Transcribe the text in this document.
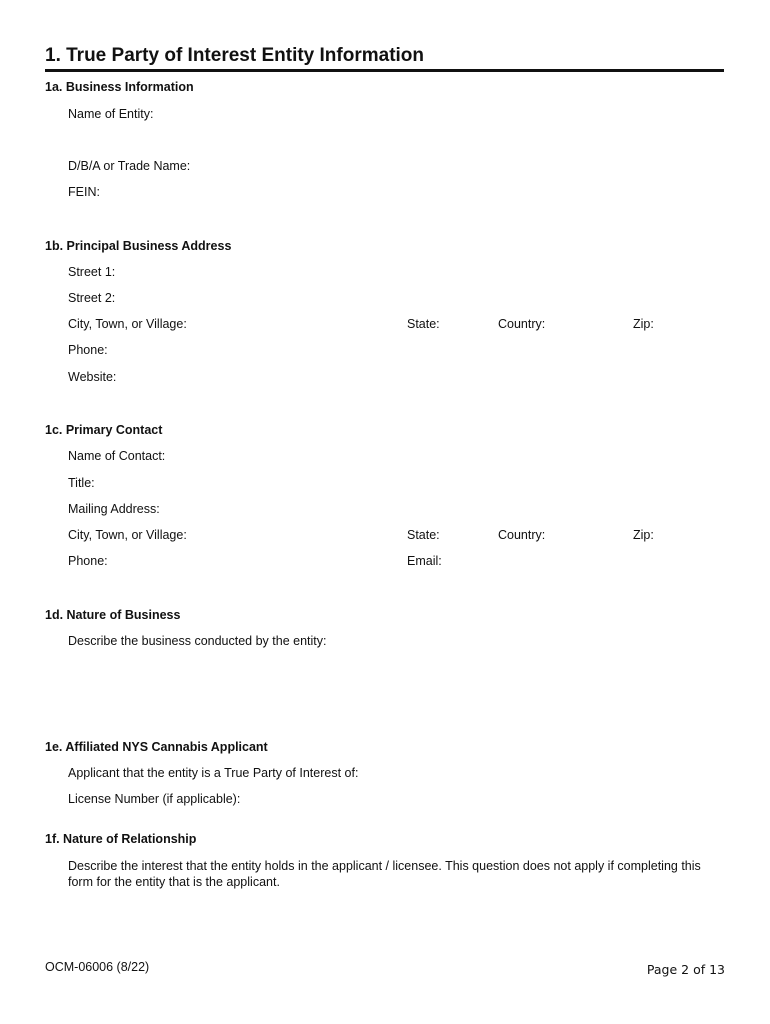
1. True Party of Interest Entity Information
1a. Business Information
Name of Entity:
D/B/A or Trade Name:
FEIN:
1b. Principal Business Address
Street 1:
Street 2:
City, Town, or Village:	State:	Country:	Zip:
Phone:
Website:
1c. Primary Contact
Name of Contact:
Title:
Mailing Address:
City, Town, or Village:	State:	Country:	Zip:
Phone:	Email:
1d. Nature of Business
Describe the business conducted by the entity:
1e. Affiliated NYS Cannabis Applicant
Applicant that the entity is a True Party of Interest of:
License Number (if applicable):
1f. Nature of Relationship
Describe the interest that the entity holds in the applicant / licensee. This question does not apply if completing this form for the entity that is the applicant.
OCM-06006 (8/22)	Page 2 of 13
